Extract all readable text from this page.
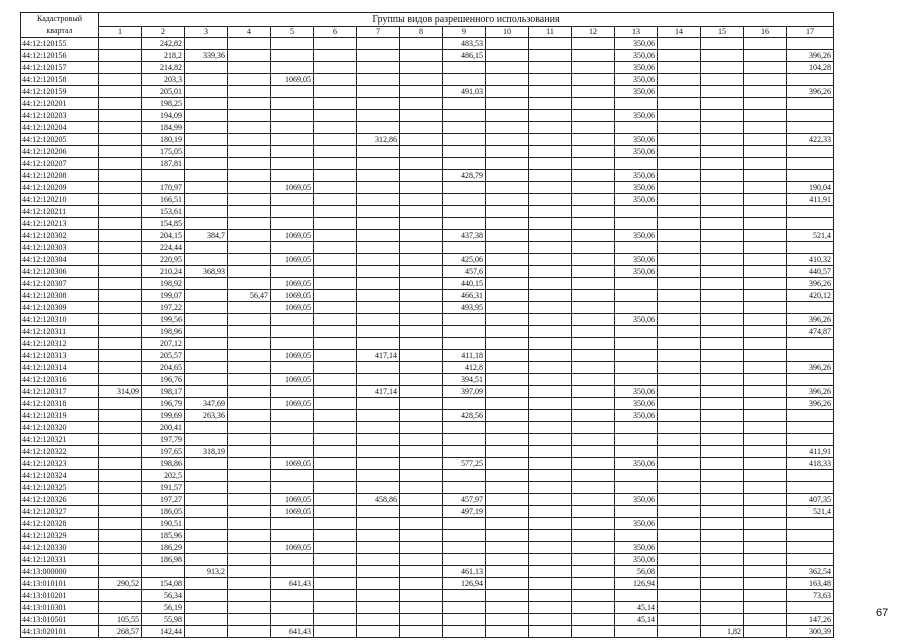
Кадастровый
квартал	Группы видов разрешенного использования																
	1	2	3	4	5	6	7	8	9	10	11	12	13	14	15	16	17
44:12:120155		242,82							483,53				350,06				
44:12:120156		218,2	339,36						486,15				350,06				396,26
44:12:120157		214,82											350,06				104,28
44:12:120158		203,3			1069,05								350,06				
44:12:120159		205,01							491,03				350,06				396,26
44:12:120201		198,25															
44:12:120203		194,09											350,06				
44:12:120204		184,99															
44:12:120205		180,19					312,86						350,06				422,33
44:12:120206		175,05											350,06				
44:12:120207		187,81															
44:12:120208									428,79				350,06				
44:12:120209		170,97			1069,05								350,06				190,04
44:12:120210		166,51											350,06				411,91
44:12:120211		153,61															
44:12:120213		154,85															
44:12:120302		204,15	384,7		1069,05				437,38				350,06				521,4
44:12:120303		224,44															
44:12:120304		220,95			1069,05				425,06				350,06				410,32
44:12:120306		210,24	368,93						457,6				350,06				440,57
44:12:120307		198,92			1069,05				440,15								396,26
44:12:120308		199,07		56,47	1069,05				466,31								420,12
44:12:120309		197,22			1069,05				493,95								
44:12:120310		199,56											350,06				396,26
44:12:120311		198,96															474,87
44:12:120312		207,12															
44:12:120313		205,57			1069,05		417,14		411,18								
44:12:120314		204,65							412,8								396,26
44:12:120316		196,76			1069,05				394,51								
44:12:120317	314,09	198,17					417,14		397,09				350,06				396,26
44:12:120318		196,79	347,69		1069,05								350,06				396,26
44:12:120319		199,69	263,36						428,56				350,06				
44:12:120320		200,41															
44:12:120321		197,79															
44:12:120322		197,65	318,19														411,91
44:12:120323		198,86			1069,05				577,25				350,06				418,33
44:12:120324		202,5															
44:12:120325		191,57															
44:12:120326		197,27			1069,05		458,86		457,97				350,06				407,35
44:12:120327		186,05			1069,05				497,19								521,4
44:12:120328		190,51											350,06				
44:12:120329		185,96															
44:12:120330		186,29			1069,05								350,06				
44:12:120331		186,98											350,06				
44:13:000000			913,2						461,13				56,08				362,54
44:13:010101	290,52	154,08			641,43				126,94				126,94				163,48
44:13:010201		56,34															73,63
44:13:010301		56,19											45,14				
44:13:010501	105,55	55,98											45,14				147,26
44:13:020101	268,57	142,44			641,43										1,82		300,39
67
